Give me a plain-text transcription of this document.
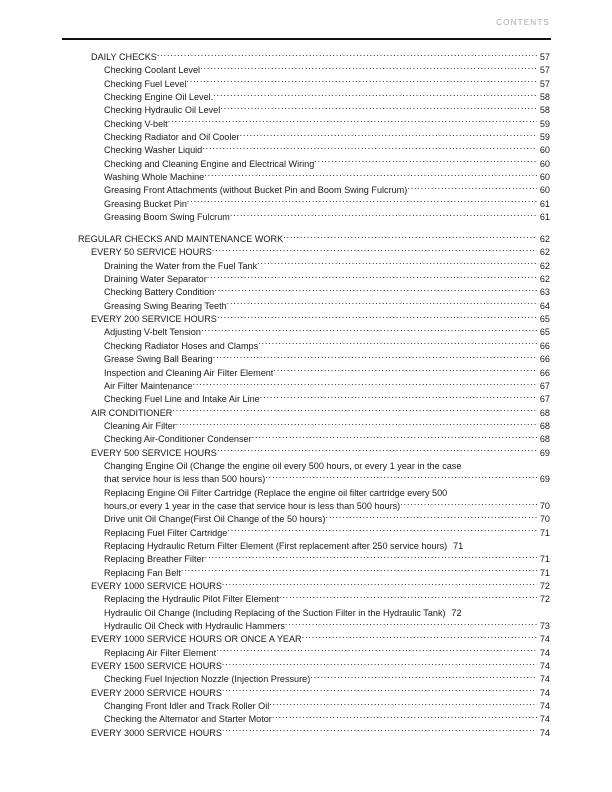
CONTENTS
DAILY CHECKS .....	57
Checking Coolant Level .....	57
Checking Fuel Level .....	57
Checking Engine Oil Level. .....	58
Checking Hydraulic Oil Level .....	58
Checking V-belt .....	59
Checking Radiator and Oil Cooler .....	59
Checking Washer Liquid .....	60
Checking and Cleaning Engine and Electrical Wiring .....	60
Washing Whole Machine .....	60
Greasing Front Attachments (without Bucket Pin and Boom Swing Fulcrum) .....	60
Greasing Bucket Pin .....	61
Greasing Boom Swing Fulcrum .....	61
REGULAR CHECKS AND MAINTENANCE WORK .....	62
EVERY 50 SERVICE HOURS .....	62
Draining the Water from the Fuel Tank .....	62
Draining Water Separator .....	62
Checking Battery Condition .....	63
Greasing Swing Bearing Teeth .....	64
EVERY 200 SERVICE HOURS .....	65
Adjusting V-belt Tension .....	65
Checking Radiator Hoses and Clamps .....	66
Grease Swing Ball Bearing .....	66
Inspection and Cleaning Air Filter Element .....	66
Air Filter Maintenance .....	67
Checking Fuel Line and Intake Air Line .....	67
AIR CONDITIONER .....	68
Cleaning Air Filter .....	68
Checking Air-Conditioner Condenser .....	68
EVERY 500 SERVICE HOURS .....	69
Changing Engine Oil (Change the engine oil every 500 hours, or every 1 year in the case
that service hour is less than 500 hours) .....	69
Replacing Engine Oil Filter Cartridge (Replace the engine oil filter cartridge every 500
hours,or every 1 year in the case that service hour is less than 500 hours) .....	70
Drive unit Oil Change(First Oil Change of the 50 hours) .....	70
Replacing Fuel Filter Cartridge .....	71
Replacing Hydraulic Return Filter Element (First replacement after 250 service hours) 71
Replacing Breather Filter .....	71
Replacing Fan Belt .....	71
EVERY 1000 SERVICE HOURS .....	72
Replacing the Hydraulic Pilot Filter Element .....	72
Hydraulic Oil Change (Including Replacing of the Suction Filter in the Hydraulic Tank) 72
Hydraulic Oil Check with Hydraulic Hammers .....	73
EVERY 1000 SERVICE HOURS OR ONCE A YEAR .....	74
Replacing Air Filter Element .....	74
EVERY 1500 SERVICE HOURS .....	74
Checking Fuel Injection Nozzle (Injection Pressure) .....	74
EVERY 2000 SERVICE HOURS .....	74
Changing Front Idler and Track Roller Oil .....	74
Checking the Alternator and Starter Motor .....	74
EVERY 3000 SERVICE HOURS .....	74
